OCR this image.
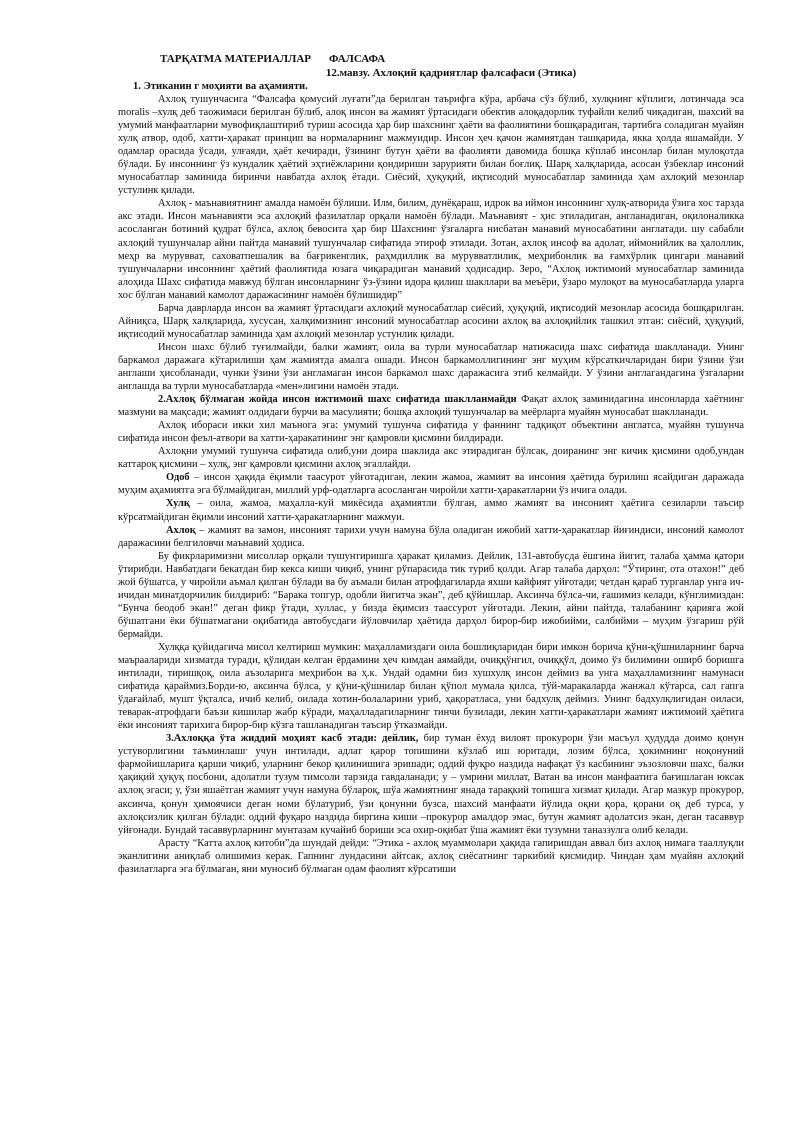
ТАРҚАТМА МАТЕРИАЛЛАР ФАЛСАФА
12.мавзу. Ахлоқий қадриятлар фалсафаси (Этика)
1. Этиканин г моҳияти ва аҳамияти.

Ахлоқ тушунчасига “Фалсафа қомусий луғати”да берилган таърифга кўра, арбача сўз бўлиб, хулқнинг кўплиги, лотинчада эса moralis –хулқ деб таожимаси берилган бўлиб, алоқ инсон ва жамият ўртасидаги обектив алоқадорлик туфайли келиб чиқадиган, шахсий ва умумий манфаатларни мувофиқлаштириб туриш асосида ҳар бир шахснинг ҳаёти ва фаолиятини бошқарадиган, тартибга соладиган муайян хулқ атвор, одоб, хатти-ҳаракат принцип ва нормаларнинг мажмуидир. Инсон ҳеч қачон жамиятдан ташқарида, якка ҳолда яшамайди. У одамлар орасида ўсади, улғаяди, ҳаёт кечиради, ўзининг бутун ҳаёти ва фаолияти давомида бошқа кўплаб инсонлар билан мулоқотда бўлади. Бу инсоннинг ўз кундалик ҳаётий эҳтиёжларини қондириши зарурияти билан боғлиқ. Шарқ халқларида, асосан ўзбеклар инсоний муносабатлар заминида биринчи навбатда ахлоқ ётади. Сиёсий, ҳуқуқий, иқтисодий муносабатлар заминида ҳам ахлоқий мезонлар устулинк қилади.

Ахлоқ - маънавиятнинг амалда намоён бўлиши. Илм, билим, дунёқараш, идрок ва иймон инсоннинг хулқ-атворида ўзига хос тарзда акс этади. Инсон маънавияти эса ахлоқий фазилатлар орқали намоён бўлади. Маънавият - ҳис этиладиган, англанадиган, оқилоналикка асосланган ботиний қудрат бўлса, ахлоқ бевосита ҳар бир Шахснинг ўзгаларга нисбатан манавий муносабатини англатади. шу сабабли ахлоқий тушунчалар айни пайтда манавий тушунчалар сифатида этироф этилади. Зотан, ахлоқ инсоф ва адолат, иймонийлик ва ҳалоллик, меҳр ва мурувват, саховатпешалик ва бағрикенглик, раҳмдиллик ва мурувватлилик, меҳрибонлик ва ғамхўрлик цингари манавий тушунчаларни инсоннинг ҳаётий фаолиятида юзага чиқарадиган манавий ҳодисадир. Зеро, “Ахлоқ ижтимоий муносабатлар заминида алоҳида Шахс сифатида мавжуд бўлган инсонларнинг ўз-ўзини идора қилиш шакллари ва меъёри, ўзаро мулоқот ва муносабатларда уларга хос бўлган манавий камолот даражасининг намоён бўлишидир”

Барча даврларда инсон ва жамият ўртасидаги ахлоқий муносабатлар сиёсий, ҳуқуқий, иқтисодий мезонлар асосида бошқарилган. Айниқса, Шарқ халқларида, хусусан, халқимизнинг инсоний муносабатлар асосини ахлоқ ва ахлоқийлик ташкил этган: сиёсий, ҳуқуқий, иқтисодий муносабатлар заминида ҳам ахлоқий мезонлар устунлик қилади.

Инсон шахс бўлиб туғилмайди, балки жамият, оила ва турли муносабатлар натижасида шахс сифатида шаклланади. Унинг баркамол даражага кўтарилиши ҳам жамиятда амалга ошади. Инсон баркамоллигининг энг муҳим кўрсаткичларидан бири ўзини ўзи англаши ҳисобланади, чунки ўзини ўзи англамаган инсон баркамол шахс даражасига этиб келмайди. У ўзини англагандагина ўзгаларни англашда ва турли муносабатларда «мен»лигини намоён этади.

2.Ахлоқ бўлмаган жойда инсон ижтимоий шахс сифатида шаклланмайди Фақат ахлоқ заминидагина инсонларда хаётнинг мазмуни ва мақсади; жамият олдидаги бурчи ва масулияти; бошқа ахлоқий тушунчалар ва меёрларга муайян муносабат шаклланади.

Ахлоқ ибораси икки хил маънога эга: умумий тушунча сифатида у фаннинг тадқиқот объектини англатса, муайян тушунча сифатида инсон феъл-атвори ва хатти-ҳаракатининг энг қамровли қисмини билдиради.

Ахлоқни умумий тушунча сифатида олиб,уни доира шаклида акс этирадиган бўлсак, доиранинг энг кичик қисмини одоб,ундан каттароқ қисмини – хулқ, энг қамровли қисмини ахлоқ эгаллайди.

Одоб – инсон ҳақида ёқимли таасурот уйғотадиган, лекин жамоа, жамият ва инсония ҳаётида бурилиш ясайдиган даражада муҳим аҳамиятга эга бўлмайдиган, миллий урф-одатларга асосланган чиройли хатти-ҳаракатларни ўз ичига олади.

Хулқ – оила, жамоа, маҳалла-куй микёсида аҳамиятли бўлган, аммо жамият ва инсоният ҳаётига сезиларли таъсир кўрсатмайдиган ёқимли инсоний хатти-ҳаракатларнинг мажмуи.

Ахлоқ – жамият ва замон, инсоният тарихи учун намуна бўла оладиган ижобий хатти-ҳаракатлар йиғиндиси, инсоний камолот даражасини белгиловчи маънавий ҳодиса.

Бу фикрларимизни мисоллар орқали тушунтиришга ҳаракат қиламиз. Дейлик, 131-автобусда ёшгина йигит, талаба ҳамма қатори ўтирибди. Навбатдаги бекатдан бир кекса киши чиқиб, унинг рўпарасида тик туриб қолди. Агар талаба дарҳол: “Ўтиринг, ота отахон!” деб жой бўшатса, у чиройли аъмал қилган бўлади ва бу аъмали билан атрофдагиларда яхши кайфият уйғотади; четдан қараб турганлар унга ич-ичидан минатдорчилик билдириб: “Барака топгур, одобли йигитча экан”, деб қўйишлар. Аксинча бўлса-чи, ғашимиз келади, кўнглимиздан: “Бунча беодоб экан!” деган фикр ўтади, хуллас, у бизда ёқимсиз таассурот уйғотади. Лекин, айни пайтда, талабанинг қарияга жой бўшатгани ёки бўшатмагани оқибатида автобусдаги йўловчилар ҳаётида дарҳол бирор-бир ижобийми, салбийми – муҳим ўзгариш рўй бермайди.

Хулққа қуйидагича мисол келтириш мумкин: маҳалламиздаги оила бошлиқларидан бири имкон борича қўни-қўшниларнинг барча маъраалариди хизматда туради, қўлидан келган ёрдамини ҳеч кимдан аямайди, очиққўнгил, очиққўл, доимо ўз билимини оширб боришга интилади, тиришқоқ, оила аъзоларига меҳрибон ва ҳ.к. Ундай одамни биз хушхулқ инсон деймиз ва унга маҳалламизнинг намунаси сифатида қараймиз.Борди-ю, аксинча бўлса, у қўни-қўшнилар билан қўпол мумала қилса, тўй-маракаларда жанжал кўтарса, сал гапга ўдағайлаб, мушт ўқталса, ичиб келиб, оилада хотин-болаларини уриб, ҳақоратласа, уни бадхулқ деймиз. Унинг бадхулқлигидан оиласи, теварак-атрофдаги баъзи кишилар жабр кўради, маҳалладагиларнинг тинчи бузилади, лекин хатти-ҳаракатлари жамият ижтимоий ҳаётига ёки инсоният тарихига бирор-бир кўзга ташланадиган таъсир ўтказмайди.

3.Ахлоққа ўта жиддий моҳият касб этади: дейлик, бир туман ёхуд вилоят прокурори ўзи масъул ҳудудда доимо қонун устуворлигини таъминлашг учун интилади, адлат қарор топишини кўзлаб иш юритади, лозим бўлса, ҳокимнинг ноқонуний фармойишларига қарши чиқиб, уларнинг бекор қилинишига эришади; оддий фуқро наздида нафақат ўз касбининг эъзозловчи шахс, балки ҳақиқий ҳуқуқ посбони, адолатли тузум тимсоли тарзида гавдаланади; у – умрини миллат, Ватан ва инсон манфаатига бағишлаган юксак ахлоқ эгаси; у, ўзи яшаётган жамият учун намуна бўлароқ, шўа жамиятнинг янада тарақкий топишга хизмат қилади. Агар мазкур прокурор, аксинча, қонун ҳимоячиси деган номи бўлатуриб, ўзи қонунни бузса, шахсий манфаати йўлида оқни қора, қорани оқ деб турса, у ахлоқсизлик қилган бўлади: оддий фуқаро наздида биргина киши –прокурор амалдор эмас, бутун жамият адолатсиз экан, деган тасаввур уйғонади. Бундай тасаввурларнинг мунтазам кучайиб бориши эса охир-оқибат ўша жамият ёки тузумни таназзулга олиб келади.

Арасту “Катта ахлоқ китоби”да шундай дейди: “Этика - ахлоқ муаммолари ҳақида гапиришдан аввал биз ахлоқ нимага тааллуқли эканлигини аниқлаб олишимиз керак. Гапнинг лундасини айтсак, ахлоқ сиёсатнинг таркибий қисмидир. Чиндан ҳам муайян ахлоқий фазилатларга эга бўлмаган, яни муносиб бўлмаган одам фаолият кўрсатиши
